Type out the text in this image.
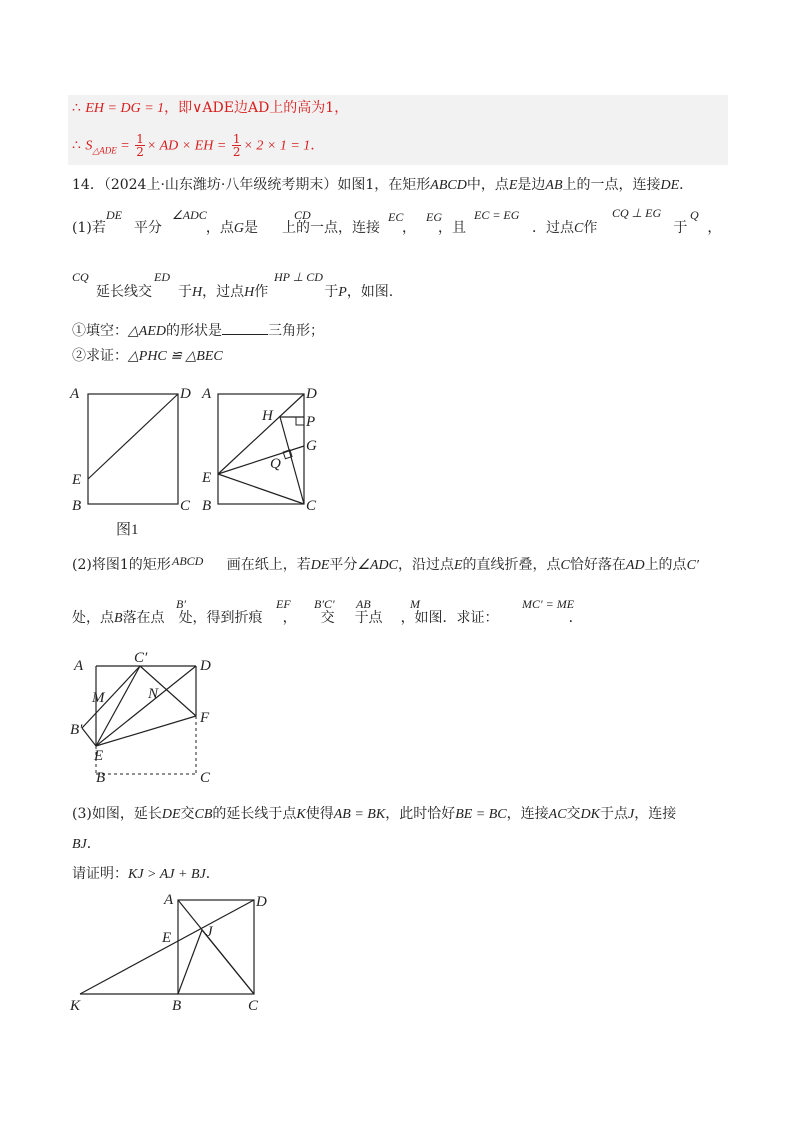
∴ EH = DG = 1，即∨ADE边AD上的高为1，
∴ $S_{\triangle ADE} = \frac{1}{2}$ × AD × EH = $\frac{1}{2} \times 2 \times 1 = 1$.
14．（2024上·山东潍坊·八年级统考期末）如图1，在矩形ABCD中，点E是边AB上的一点，连接DE．
(1)若 平分	，点G是 上的一点，连接 ， ，且	．过点C作	于 ，
DE	∠ADC	CD	EC EG	EC = EG	CQ ⊥ EG Q
延长线交 于H，过点H作	于P，如图.
CQ	ED	HP ⊥ CD
①填空：△AED的形状是	三角形；
②求证：△PHC ≌ △BEC
A	D
E
B	C
图1
A	D
H P
G
Q
E
B	C
(2)将图1的矩形	画在纸上，若DE平分∠ADC，沿过点E的直线折叠，点C恰好落在AD上的点C′
ABCD
处，点B落在点 处，得到折痕 ， 交 于点 ，如图．求证：	．
B′	EF B′C′ AB	M	MC′ = ME
A	C′	D
M	N
B′
F
E
B	C
(3)如图，延长DE交CB的延长线于点K使得AB = BK，此时恰好BE = BC，连接AC交DK于点J，连接
BJ．
请证明：KJ > AJ + BJ．
A	D
E J
K	B	C
